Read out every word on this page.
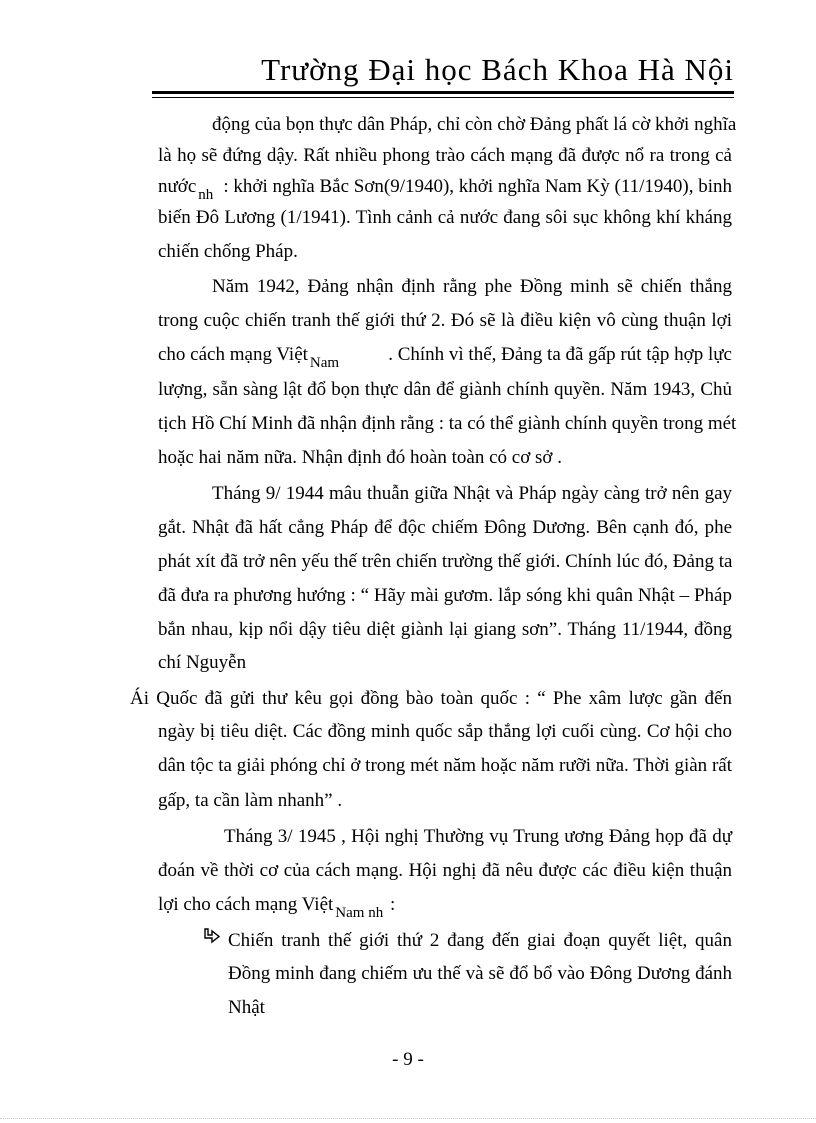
Trường Đại học Bách Khoa Hà Nội
động của bọn thực dân Pháp, chỉ còn chờ Đảng phất lá cờ khởi nghĩa
là họ sẽ đứng dậy. Rất nhiều phong trào cách mạng đã được nổ ra trong cả
nước $_{nh}$ : khởi nghĩa Bắc Sơn(9/1940), khởi nghĩa Nam Kỳ (11/1940), binh
biến Đô Lương (1/1941). Tình cảnh cả nước đang sôi sục không khí kháng
chiến chống Pháp.
Năm 1942, Đảng nhận định rằng phe Đồng minh sẽ chiến thắng
trong cuộc chiến tranh thế giới thứ 2. Đó sẽ là điều kiện vô cùng thuận lợi
cho cách mạng Việt $_{Nam}$	. Chính vì thế, Đảng ta đã gấp rút tập hợp lực
lượng, sẵn sàng lật đổ bọn thực dân để giành chính quyền. Năm 1943, Chủ
tịch Hồ Chí Minh đã nhận định rằng : ta có thể giành chính quyền trong mét
hoặc hai năm nữa. Nhận định đó hoàn toàn có cơ sở .
Tháng 9/ 1944 mâu thuẫn giữa Nhật và Pháp ngày càng trở nên gay
gắt. Nhật đã hất cẳng Pháp để độc chiếm Đông Dương. Bên cạnh đó, phe
phát xít đã trở nên yếu thế trên chiến trường thế giới. Chính lúc đó, Đảng ta
đã đưa ra phương hướng : “ Hãy mài gươm. lắp sóng khi quân Nhật – Pháp
bắn nhau, kịp nổi dậy tiêu diệt giành lại giang sơn”. Tháng 11/1944, đồng
chí Nguyễn
Ái Quốc đã gửi thư kêu gọi đồng bào toàn quốc : “ Phe xâm lược gần đến
ngày bị tiêu diệt. Các đồng minh quốc sắp thắng lợi cuối cùng. Cơ hội cho
dân tộc ta giải phóng chỉ ở trong mét năm hoặc năm rưỡi nữa. Thời giàn rất
gấp, ta cần làm nhanh” .
Tháng 3/ 1945 , Hội nghị Thường vụ Trung ương Đảng họp đã dự
đoán về thời cơ của cách mạng. Hội nghị đã nêu được các điều kiện thuận
lợi cho cách mạng Việt $_{Nam nh}$ :
Chiến tranh thế giới thứ 2 đang đến giai đoạn quyết liệt, quân
Đồng minh đang chiếm ưu thế và sẽ đổ bổ vào Đông Dương đánh
Nhật
- 9 -
